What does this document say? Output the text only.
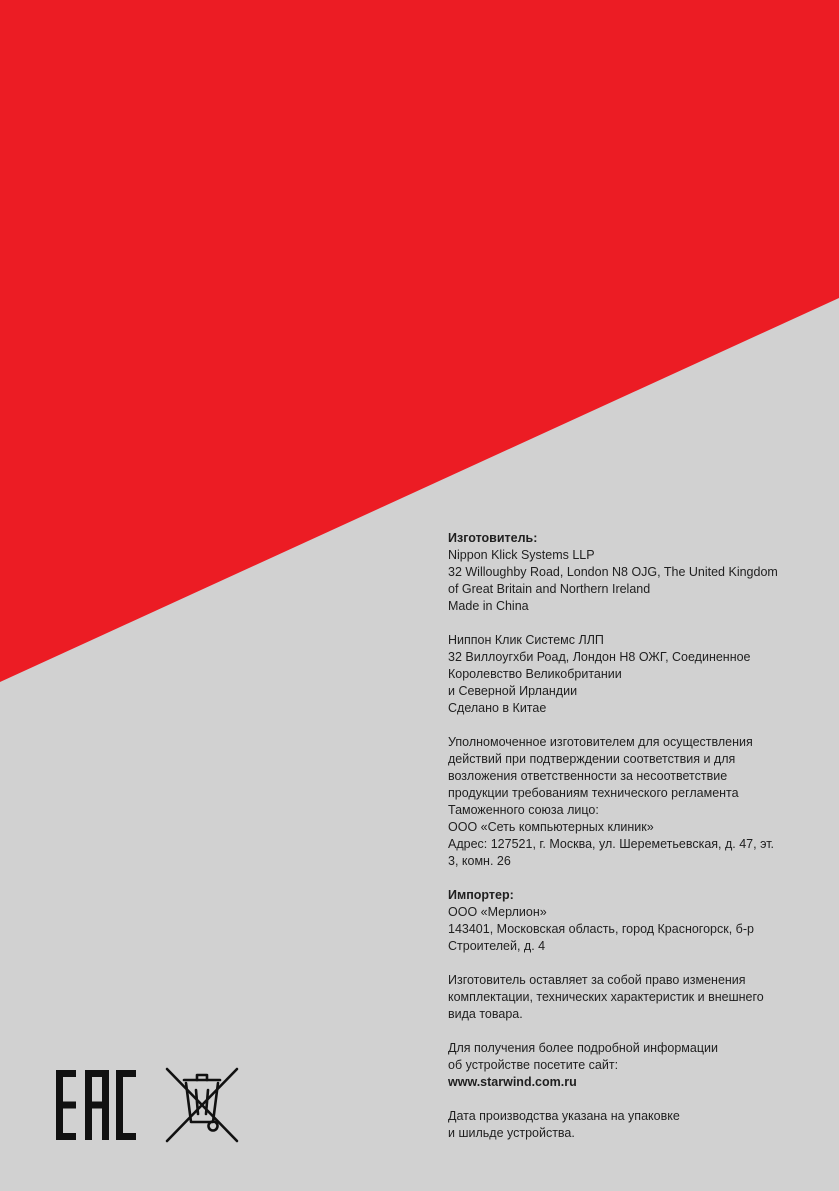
Изготовитель:
Nippon Klick Systems LLP
32 Willoughby Road, London N8 OJG, The United Kingdom
of Great Britain and Northern Ireland
Made in China

Ниппон Клик Системс ЛЛП
32 Виллоугхби Роад, Лондон Н8 ОЖГ, Соединенное
Королевство Великобритании
и Северной Ирландии
Сделано в Китае

Уполномоченное изготовителем для осуществления
действий при подтверждении соответствия и для
возложения ответственности за несоответствие
продукции требованиям технического регламента
Таможенного союза лицо:
ООО «Сеть компьютерных клиник»
Адрес: 127521, г. Москва, ул. Шереметьевская, д. 47, эт.
3, комн. 26

Импортер:
ООО «Мерлион»
143401, Московская область, город Красногорск, б-р
Строителей, д. 4

Изготовитель оставляет за собой право изменения
комплектации, технических характеристик и внешнего
вида товара.

Для получения более подробной информации
об устройстве посетите сайт:
www.starwind.com.ru

Дата производства указана на упаковке
и шильде устройства.
